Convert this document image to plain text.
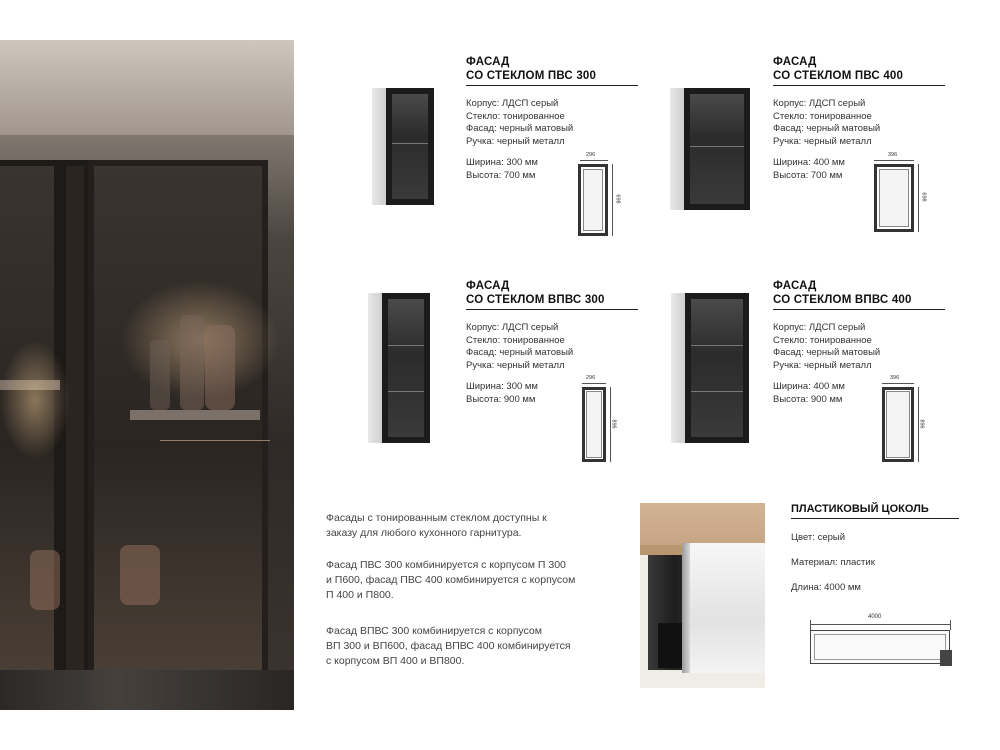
ФАСАД
СО СТЕКЛОМ ПВС 300
Корпус: ЛДСП серый
Стекло: тонированное
Фасад: черный матовый
Ручка: черный металл
Ширина: 300 мм
Высота: 700 мм
296
698
ФАСАД
СО СТЕКЛОМ ПВС 400
Корпус: ЛДСП серый
Стекло: тонированное
Фасад: черный матовый
Ручка: черный металл
Ширина: 400 мм
Высота: 700 мм
396
698
ФАСАД
СО СТЕКЛОМ ВПВС 300
Корпус: ЛДСП серый
Стекло: тонированное
Фасад: черный матовый
Ручка: черный металл
Ширина: 300 мм
Высота: 900 мм
296
896
ФАСАД
СО СТЕКЛОМ ВПВС 400
Корпус: ЛДСП серый
Стекло: тонированное
Фасад: черный матовый
Ручка: черный металл
Ширина: 400 мм
Высота: 900 мм
396
896
Фасады с тонированным стеклом доступны к
заказу для любого кухонного гарнитура.
Фасад ПВС 300 комбинируется с корпусом П 300
и П600, фасад ПВС 400 комбинируется с корпусом
П 400 и П800.
Фасад ВПВС 300 комбинируется с корпусом
ВП 300 и ВП600, фасад ВПВС 400 комбинируется
с корпусом ВП 400 и ВП800.
ПЛАСТИКОВЫЙ ЦОКОЛЬ
Цвет: серый
Материал: пластик
Длина: 4000 мм
4000
